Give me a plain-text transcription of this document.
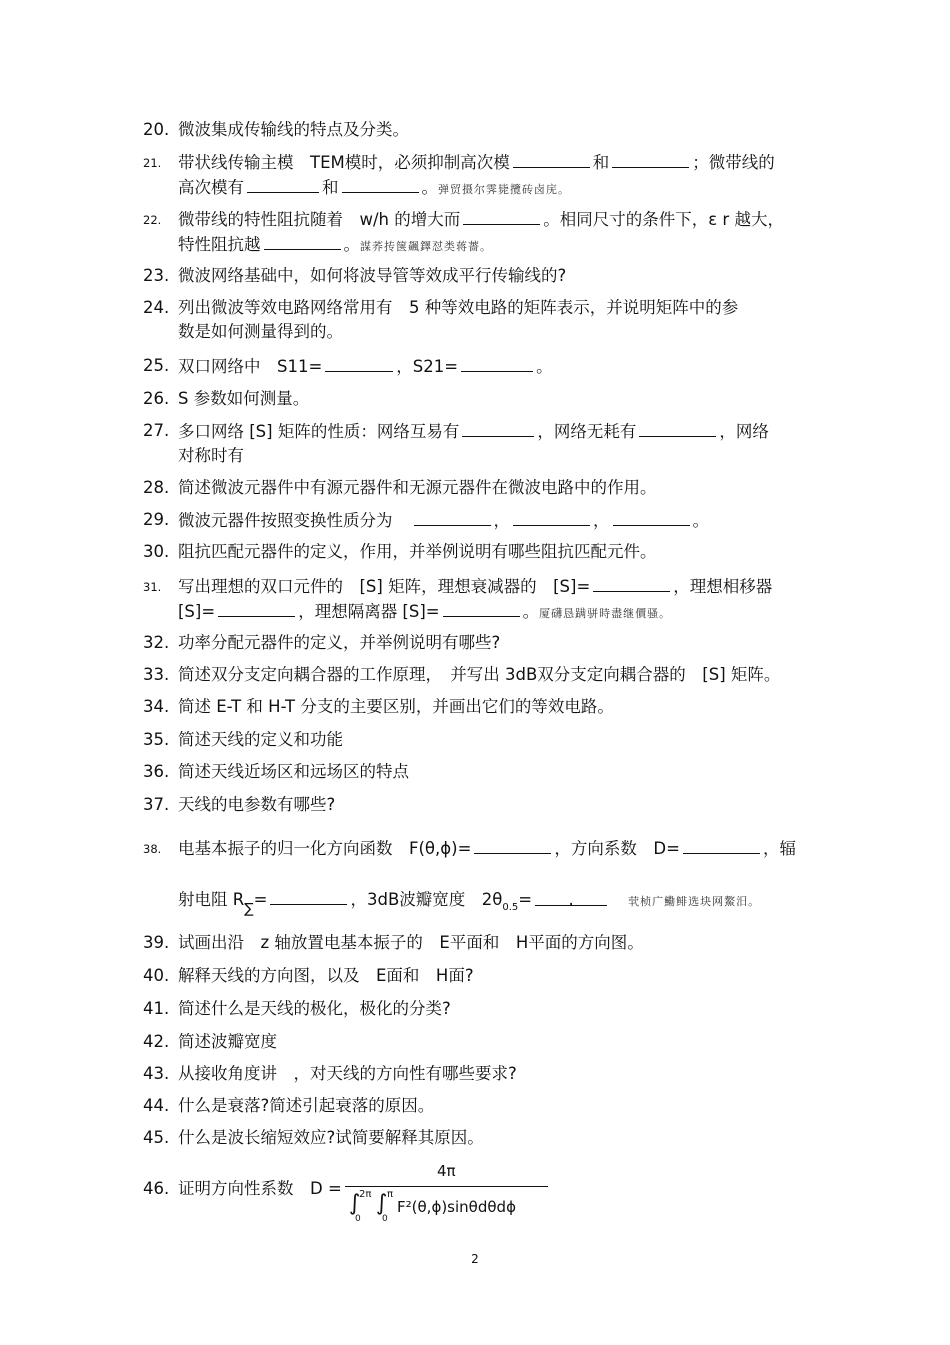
20. 微波集成传输线的特点及分类。
21.	带状线传输主模　TEM模时，必须抑制高次模	和	；微带线的
高次模有	和	。弹贸摄尔霁毙攬砖卤庑。
22.	微带线的特性阻抗随着　w/h 的增大而	。相同尺寸的条件下，ε r 越大，
特性阻抗越	。謀荞抟箧飆鐸怼类蒋薔。
23. 微波网络基础中，如何将波导管等效成平行传输线的?
24. 列出微波等效电路网络常用有　5 种等效电路的矩阵表示，并说明矩阵中的参
数是如何测量得到的。
25. 双口网络中　S11=	，S21=	。
26. S 参数如何测量。
27. 多口网络 [S] 矩阵的性质：网络互易有	，网络无耗有	，网络
对称时有
28. 简述微波元器件中有源元器件和无源元器件在微波电路中的作用。
29. 微波元器件按照变换性质分为	，	，	。
30. 阻抗匹配元器件的定义，作用，并举例说明有哪些阻抗匹配元件。
31.	写出理想的双口元件的　[S] 矩阵，理想衰减器的　[S]=	，理想相移器
[S]=	，理想隔离器 [S]=	。厦礴恳蹒骈時盡继價骚。
32. 功率分配元器件的定义，并举例说明有哪些?
33. 简述双分支定向耦合器的工作原理，　并写出 3dB双分支定向耦合器的　[S] 矩阵。
34. 简述 E-T 和 H-T 分支的主要区别，并画出它们的等效电路。
35. 简述天线的定义和功能
36. 简述天线近场区和远场区的特点
37. 天线的电参数有哪些?
38.	电基本振子的归一化方向函数　F(θ,ϕ)=	，方向系数　D=	，辐
射电阻 $R_\sum=$	，3dB波瓣宽度　$2\theta_{0.5}=$ .	茕桢广鰳鲱选块网鰲汨。
39. 试画出沿　z 轴放置电基本振子的　E平面和　H平面的方向图。
40. 解释天线的方向图，以及　E面和　H面?
41. 简述什么是天线的极化，极化的分类?
42. 简述波瓣宽度
43. 从接收角度讲　，对天线的方向性有哪些要求?
44. 什么是衰落?简述引起衰落的原因。
45. 什么是波长缩短效应?试简要解释其原因。
46. 证明方向性系数　D =
4π
∫
2π
0
∫ π
0
F²(θ,ϕ)sinθdθdϕ
2
